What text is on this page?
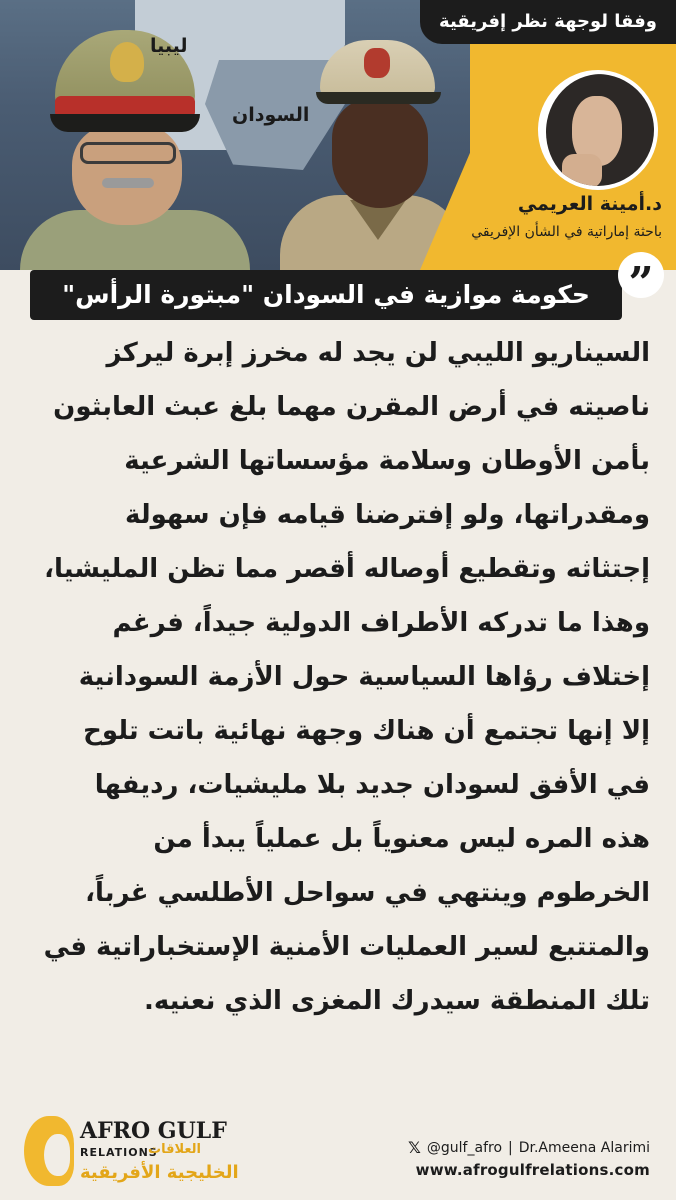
ليبيا
السودان
وفقا لوجهة نظر إفريقية
د.أمينة العريمي
باحثة إماراتية في الشأن الإفريقي
حكومة موازية في السودان "مبتورة الرأس" ”
السيناريو الليبي لن يجد له مخرز إبرة ليركز
ناصيته في أرض المقرن مهما بلغ عبث العابثون
بأمن الأوطان وسلامة مؤسساتها الشرعية
ومقدراتها، ولو إفترضنا قيامه فإن سهولة
إجتثاثه وتقطيع أوصاله أقصر مما تظن المليشيا،
وهذا ما تدركه الأطراف الدولية جيداً، فرغم
إختلاف رؤاها السياسية حول الأزمة السودانية
إلا إنها تجتمع أن هناك وجهة نهائية باتت تلوح
في الأفق لسودان جديد بلا مليشيات، رديفها
هذه المره ليس معنوياً بل عملياً يبدأ من
الخرطوم وينتهي في سواحل الأطلسي غرباً،
والمتتبع لسير العمليات الأمنية الإستخباراتية في
تلك المنطقة سيدرك المغزى الذي نعنيه.
AFRO GULF
RELATIONS
العلاقات
الخليجية الأفريقية
𝕏 @gulf_afro | Dr.Ameena Alarimi
www.afrogulfrelations.com
